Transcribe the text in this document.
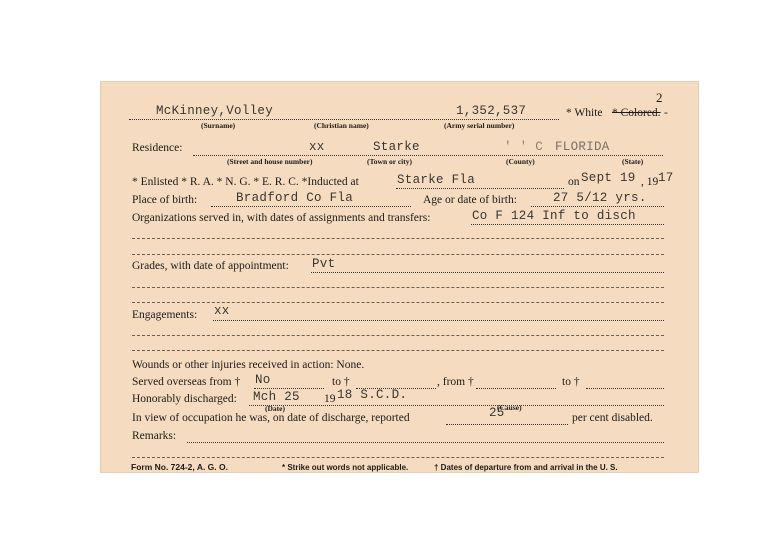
2
McKinney,Volley	1,352,537	* White * Colored. -
(Surname)	(Christian name)	(Army serial number)
Residence:	xx	Starke	' ' C FLORIDA
(Street and house number)	(Town or city)	(County)	(State)
* Enlisted * R. A. * N. G. * E. R. C. *Inducted at	Starke Fla	on Sept 19 , 19 17
Place of birth:	Bradford Co Fla	Age or date of birth:	27 5/12 yrs.
Organizations served in, with dates of assignments and transfers:	Co F 124 Inf to disch
Grades, with date of appointment: Pvt
Engagements: xx
Wounds or other injuries received in action: None.
Served overseas from † No	to †	, from †	to †
Honorably discharged: Mch 25 19 18 S.C.D.
(Date)	(Cause)
In view of occupation he was, on date of discharge, reported	25	per cent disabled.
Remarks:
Form No. 724-2, A. G. O.	* Strike out words not applicable.	† Dates of departure from and arrival in the U. S.
